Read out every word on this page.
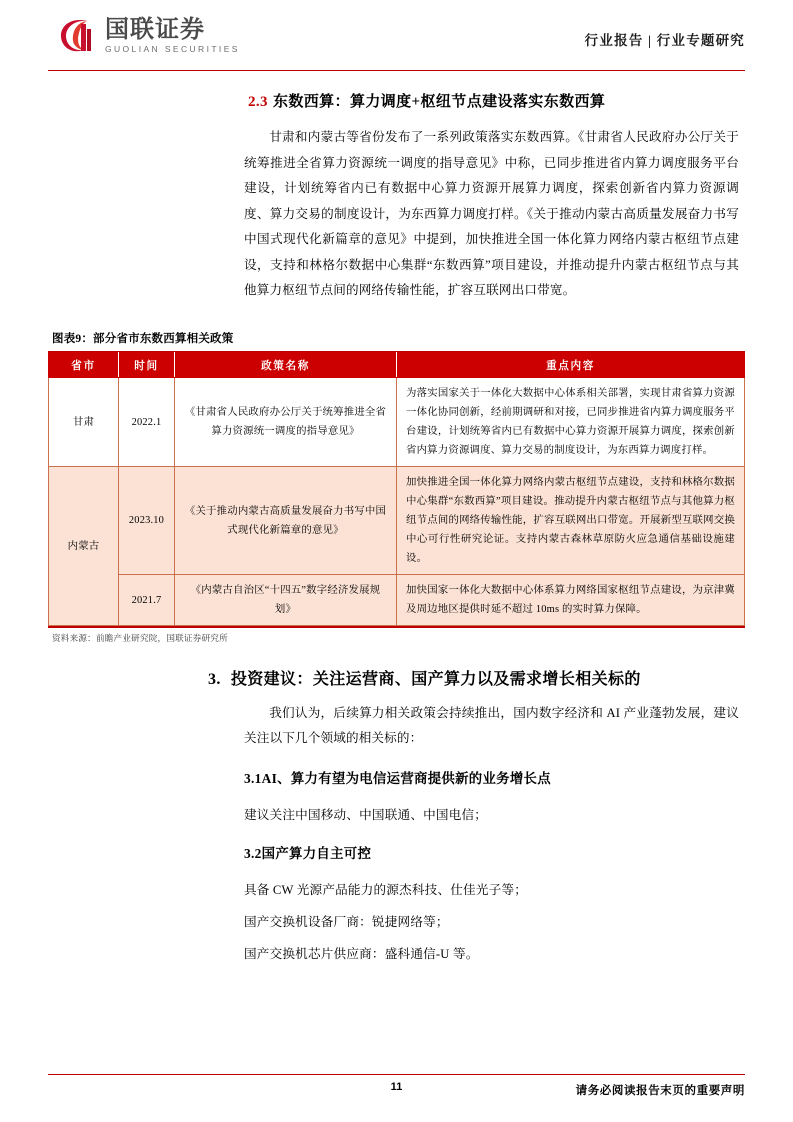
国联证券
GUOLIAN SECURITIES
行业报告 | 行业专题研究
2.3 东数西算：算力调度+枢纽节点建设落实东数西算

甘肃和内蒙古等省份发布了一系列政策落实东数西算。《甘肃省人民政府办公厅关于统筹推进全省算力资源统一调度的指导意见》中称，已同步推进省内算力调度服务平台建设，计划统筹省内已有数据中心算力资源开展算力调度，探索创新省内算力资源调度、算力交易的制度设计，为东西算力调度打样。《关于推动内蒙古高质量发展奋力书写中国式现代化新篇章的意见》中提到，加快推进全国一体化算力网络内蒙古枢纽节点建设，支持和林格尔数据中心集群“东数西算”项目建设，并推动提升内蒙古枢纽节点与其他算力枢纽节点间的网络传输性能，扩容互联网出口带宽。

图表9：部分省市东数西算相关政策
省市	时间	政策名称	重点内容
甘肃	2022.1	《甘肃省人民政府办公厅关于统筹推进全省算力资源统一调度的指导意见》	为落实国家关于一体化大数据中心体系相关部署，实现甘肃省算力资源一体化协同创新，经前期调研和对接，已同步推进省内算力调度服务平台建设，计划统筹省内已有数据中心算力资源开展算力调度，探索创新省内算力资源调度、算力交易的制度设计，为东西算力调度打样。
内蒙古	2023.10	《关于推动内蒙古高质量发展奋力书写中国式现代化新篇章的意见》	加快推进全国一体化算力网络内蒙古枢纽节点建设，支持和林格尔数据中心集群“东数西算”项目建设。推动提升内蒙古枢纽节点与其他算力枢纽节点间的网络传输性能，扩容互联网出口带宽。开展新型互联网交换中心可行性研究论证。支持内蒙古森林草原防火应急通信基础设施建设。
	2021.7	《内蒙古自治区“十四五”数字经济发展规划》	加快国家一体化大数据中心体系算力网络国家枢纽节点建设，为京津冀及周边地区提供时延不超过 10ms 的实时算力保障。
资料来源：前瞻产业研究院，国联证券研究所
3. 投资建议：关注运营商、国产算力以及需求增长相关标的

我们认为，后续算力相关政策会持续推出，国内数字经济和 AI 产业蓬勃发展，建议关注以下几个领域的相关标的：

3.1AI、算力有望为电信运营商提供新的业务增长点
建议关注中国移动、中国联通、中国电信；
3.2国产算力自主可控
具备 CW 光源产品能力的源杰科技、仕佳光子等；
国产交换机设备厂商：锐捷网络等；
国产交换机芯片供应商：盛科通信-U 等。
11	请务必阅读报告末页的重要声明
